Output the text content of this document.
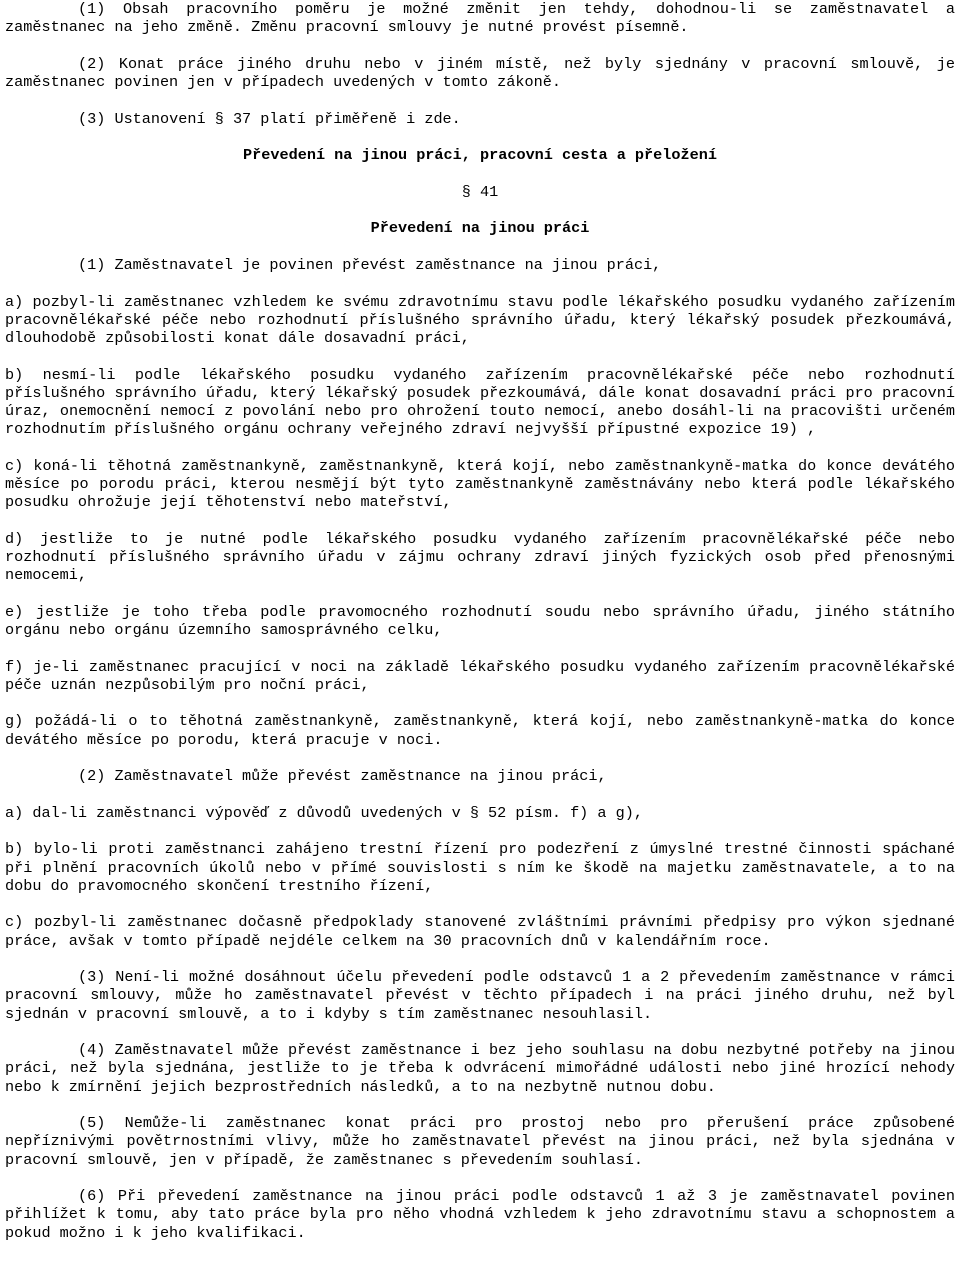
(1) Obsah pracovního poměru je možné změnit jen tehdy, dohodnou-li se zaměstnavatel a zaměstnanec na jeho změně. Změnu pracovní smlouvy je nutné provést písemně.

(2) Konat práce jiného druhu nebo v jiném místě, než byly sjednány v pracovní smlouvě, je zaměstnanec povinen jen v případech uvedených v tomto zákoně.

(3) Ustanovení § 37 platí přiměřeně i zde.

Převedení na jinou práci, pracovní cesta a přeložení
§ 41
Převedení na jinou práci

(1) Zaměstnavatel je povinen převést zaměstnance na jinou práci,

a) pozbyl-li zaměstnanec vzhledem ke svému zdravotnímu stavu podle lékařského posudku vydaného zařízením pracovnělékařské péče nebo rozhodnutí příslušného správního úřadu, který lékařský posudek přezkoumává, dlouhodobě způsobilosti konat dále dosavadní práci,

b) nesmí-li podle lékařského posudku vydaného zařízením pracovnělékařské péče nebo rozhodnutí příslušného správního úřadu, který lékařský posudek přezkoumává, dále konat dosavadní práci pro pracovní úraz, onemocnění nemocí z povolání nebo pro ohrožení touto nemocí, anebo dosáhl-li na pracovišti určeném rozhodnutím příslušného orgánu ochrany veřejného zdraví nejvyšší přípustné expozice 19) ,

c) koná-li těhotná zaměstnankyně, zaměstnankyně, která kojí, nebo zaměstnankyně-matka do konce devátého měsíce po porodu práci, kterou nesmějí být tyto zaměstnankyně zaměstnávány nebo která podle lékařského posudku ohrožuje její těhotenství nebo mateřství,

d) jestliže to je nutné podle lékařského posudku vydaného zařízením pracovnělékařské péče nebo rozhodnutí příslušného správního úřadu v zájmu ochrany zdraví jiných fyzických osob před přenosnými nemocemi,

e) jestliže je toho třeba podle pravomocného rozhodnutí soudu nebo správního úřadu, jiného státního orgánu nebo orgánu územního samosprávného celku,

f) je-li zaměstnanec pracující v noci na základě lékařského posudku vydaného zařízením pracovnělékařské péče uznán nezpůsobilým pro noční práci,

g) požádá-li o to těhotná zaměstnankyně, zaměstnankyně, která kojí, nebo zaměstnankyně-matka do konce devátého měsíce po porodu, která pracuje v noci.

(2) Zaměstnavatel může převést zaměstnance na jinou práci,

a) dal-li zaměstnanci výpověď z důvodů uvedených v § 52 písm. f) a g),

b) bylo-li proti zaměstnanci zahájeno trestní řízení pro podezření z úmyslné trestné činnosti spáchané při plnění pracovních úkolů nebo v přímé souvislosti s ním ke škodě na majetku zaměstnavatele, a to na dobu do pravomocného skončení trestního řízení,

c) pozbyl-li zaměstnanec dočasně předpoklady stanovené zvláštními právními předpisy pro výkon sjednané práce, avšak v tomto případě nejdéle celkem na 30 pracovních dnů v kalendářním roce.

(3) Není-li možné dosáhnout účelu převedení podle odstavců 1 a 2 převedením zaměstnance v rámci pracovní smlouvy, může ho zaměstnavatel převést v těchto případech i na práci jiného druhu, než byl sjednán v pracovní smlouvě, a to i kdyby s tím zaměstnanec nesouhlasil.

(4) Zaměstnavatel může převést zaměstnance i bez jeho souhlasu na dobu nezbytné potřeby na jinou práci, než byla sjednána, jestliže to je třeba k odvrácení mimořádné události nebo jiné hrozící nehody nebo k zmírnění jejich bezprostředních následků, a to na nezbytně nutnou dobu.

(5) Nemůže-li zaměstnanec konat práci pro prostoj nebo pro přerušení práce způsobené nepříznivými povětrnostními vlivy, může ho zaměstnavatel převést na jinou práci, než byla sjednána v pracovní smlouvě, jen v případě, že zaměstnanec s převedením souhlasí.

(6) Při převedení zaměstnance na jinou práci podle odstavců 1 až 3 je zaměstnavatel povinen přihlížet k tomu, aby tato práce byla pro něho vhodná vzhledem k jeho zdravotnímu stavu a schopnostem a pokud možno i k jeho kvalifikaci.
